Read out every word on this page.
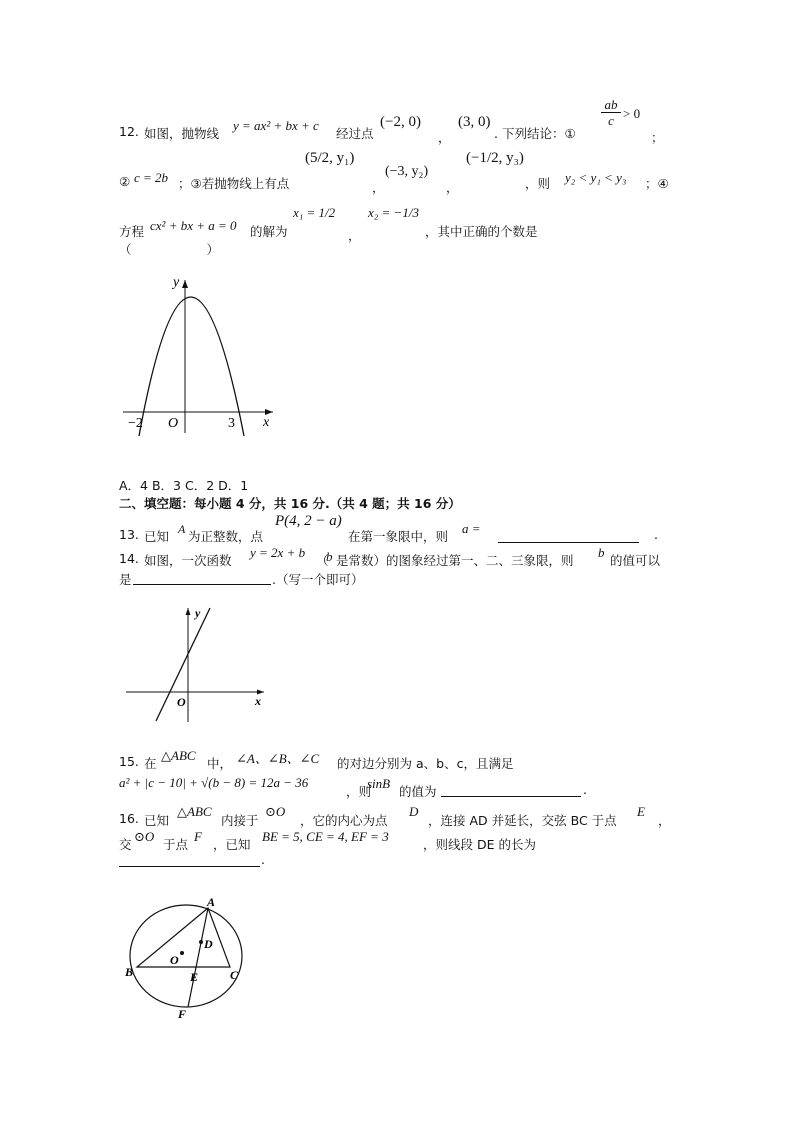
12. 如图，抛物线
y = ax² + bx + c
经过点
(−2, 0)
，
(3, 0)
. 下列结论：①
$\frac{ab}{c} > 0$
；
② c = 2b ；③若抛物线上有点
(5/2, y₁)
，
(−3, y₂)
，
(−1/2, y₃)
，则 y₂ < y₁ < y₃ ；④
方程 cx² + bx + a = 0 的解为
x₁ = 1/2
，
x₂ = −1/3
，其中正确的个数是
（　　　　　　）
y
x
O
−2	3
A．4 B．3 C．2 D．1
二、填空题：每小题 4 分，共 16 分.（共 4 题；共 16 分）
13. 已知 A 为正整数，点
P(4, 2 − a)
在第一象限中，则
a =	.
14. 如图，一次函数
y = 2x + b
（
b 是常数）的图象经过第一、二、三象限，则
b
的值可以
是	.（写一个即可）
y
x
O
15. 在
△ABC
中， ∠A、∠B、∠C 的对边分别为 a、b、c，且满足
a² + |c − 10| + √(b − 8) = 12a − 36
，则
sinB
的值为	.
16. 已知
△ABC
内接于
⊙O
，它的内心为点
D
，连接 AD 并延长，交弦 BC 于点
E
，
交
⊙O
于点
F
，已知
BE = 5, CE = 4, EF = 3
，则线段 DE 的长为
.
A
B	C
D
E
F
O
